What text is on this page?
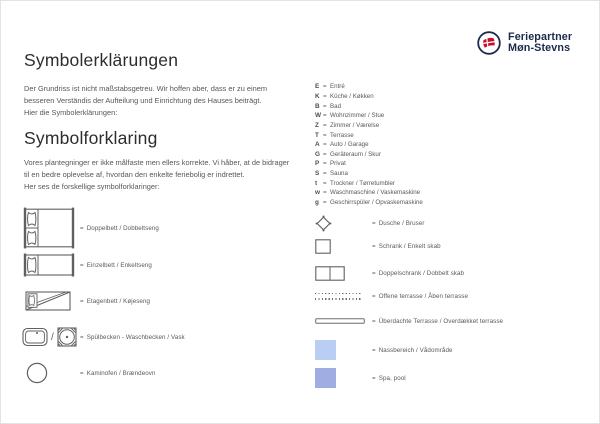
Feriepartner
Møn-Stevns
Symbolerklärungen
Der Grundriss ist nicht maßstabsgetreu. Wir hoffen aber, dass er zu einem
besseren Verständis der Aufteilung und Einrichtung des Hauses beiträgt.
Hier die Symbolerklärungen:
Symbolforklaring
Vores plantegninger er ikke målfaste men ellers korrekte. Vi håber, at de bidrager
til en bedre oplevelse af, hvordan den enkelte feriebolig er indrettet.
Her ses de forskellige symbolforklaringer:
E = Entré
K = Küche / Køkken
B = Bad
W = Wohnzimmer / Stue
Z = Zimmer / Værelse
T = Terrasse
A = Auto / Garage
G = Geräteraum / Skur
P = Privat
S = Sauna
t = Trockner / Tørretumbler
w = Waschmaschine / Vaskemaskine
g = Geschirrspüler / Opvaskemaskine
= Doppelbett / Dobbeltseng
= Einzelbett / Enkeltseng
= Etagenbett / Køjeseng
/	= Spülbecken - Waschbecken / Vask
= Kaminofen / Brændeovn
= Dusche / Bruser
= Schrank / Enkelt skab
= Doppelschrank / Dobbelt skab
= Offene terrasse / Åben terrasse
= Überdachte Terrasse / Overdækket terrasse
= Nassbereich / Vådområde
= Spa, pool
